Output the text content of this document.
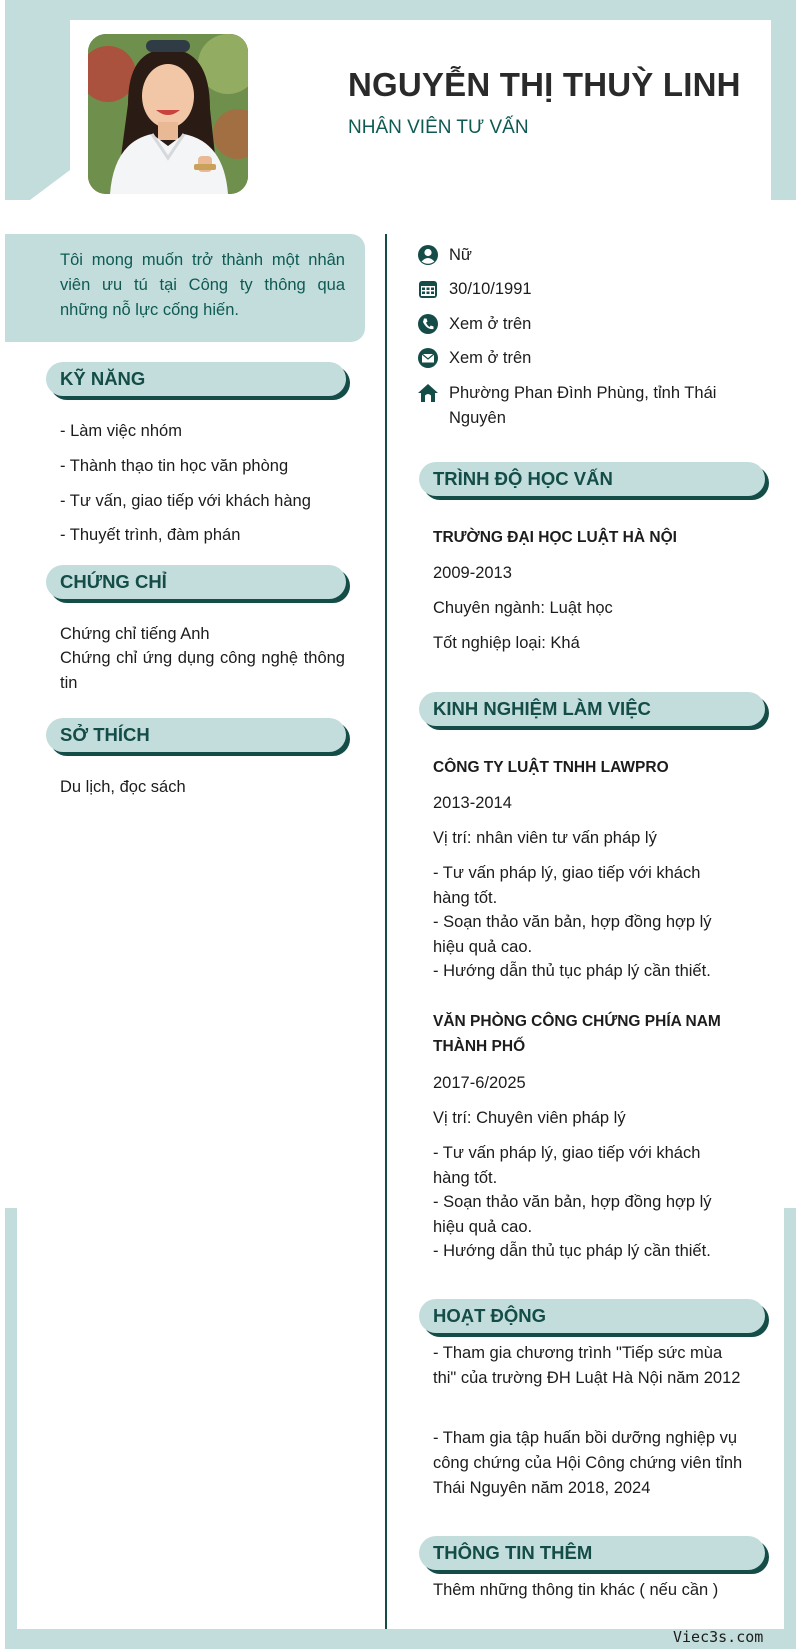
NGUYỄN THỊ THUỲ LINH
NHÂN VIÊN TƯ VẤN
Tôi mong muốn trở thành một nhân viên ưu tú tại Công ty thông qua những nỗ lực cống hiến.
KỸ NĂNG
- Làm việc nhóm
- Thành thạo tin học văn phòng
- Tư vấn, giao tiếp với khách hàng
- Thuyết trình, đàm phán
CHỨNG CHỈ
Chứng chỉ tiếng Anh
Chứng chỉ ứng dụng công nghệ thông tin
SỞ THÍCH
Du lịch, đọc sách
Nữ
30/10/1991
Xem ở trên
Xem ở trên
Phường Phan Đình Phùng, tỉnh Thái Nguyên
TRÌNH ĐỘ HỌC VẤN
TRƯỜNG ĐẠI HỌC LUẬT HÀ NỘI
2009-2013
Chuyên ngành: Luật học
Tốt nghiệp loại: Khá
KINH NGHIỆM LÀM VIỆC
CÔNG TY LUẬT TNHH LAWPRO
2013-2014
Vị trí: nhân viên tư vấn pháp lý
- Tư vấn pháp lý, giao tiếp với khách hàng tốt.
- Soạn thảo văn bản, hợp đồng hợp lý hiệu quả cao.
- Hướng dẫn thủ tục pháp lý cần thiết.
VĂN PHÒNG CÔNG CHỨNG PHÍA NAM THÀNH PHỐ
2017-6/2025
Vị trí: Chuyên viên pháp lý
- Tư vấn pháp lý, giao tiếp với khách hàng tốt.
- Soạn thảo văn bản, hợp đồng hợp lý hiệu quả cao.
- Hướng dẫn thủ tục pháp lý cần thiết.
HOẠT ĐỘNG
- Tham gia chương trình "Tiếp sức mùa thi" của trường ĐH Luật Hà Nội năm 2012
- Tham gia tập huấn bồi dưỡng nghiệp vụ công chứng của Hội Công chứng viên tỉnh Thái Nguyên năm 2018, 2024
THÔNG TIN THÊM
Thêm những thông tin khác ( nếu cần )
Viec3s.com
